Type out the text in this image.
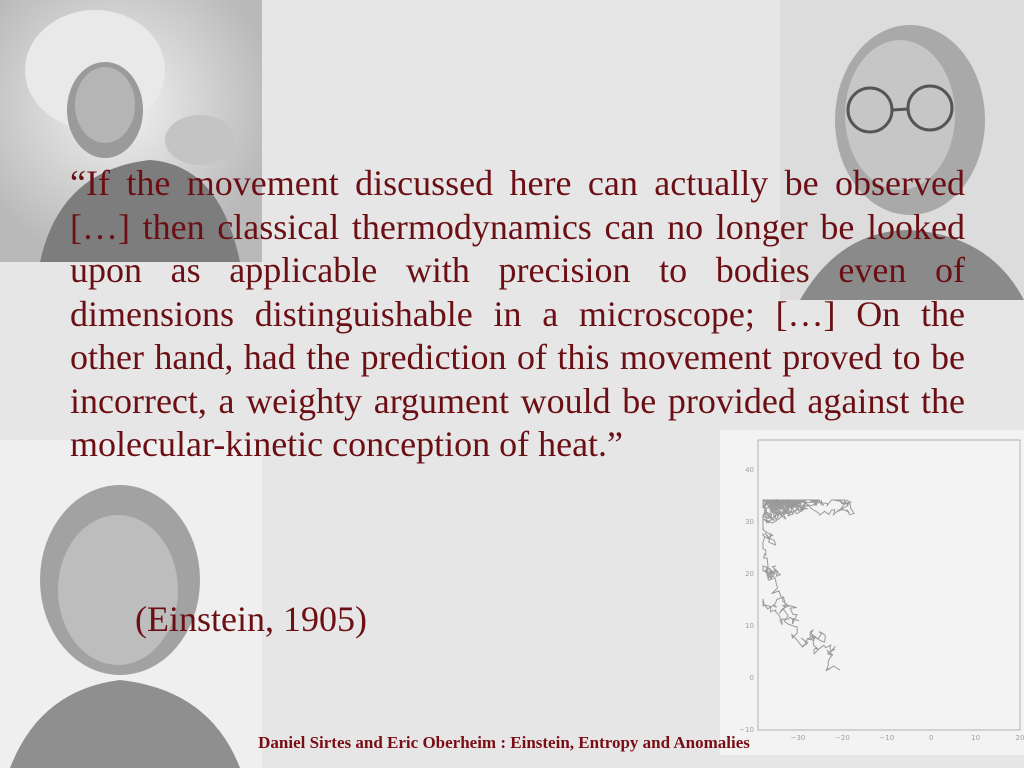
40
30
20
10
0
−10
−30	−20	−10	0	10	20

“If the movement discussed here can actually be observed […] then classical thermodynamics can no longer be looked upon as applicable with precision to bodies even of dimensions distinguishable in a microscope; […] On the other hand, had the prediction of this movement proved to be incorrect, a weighty argument would be provided against the molecular-kinetic conception of heat.”

(Einstein, 1905)

Daniel Sirtes and Eric Oberheim : Einstein, Entropy and Anomalies
